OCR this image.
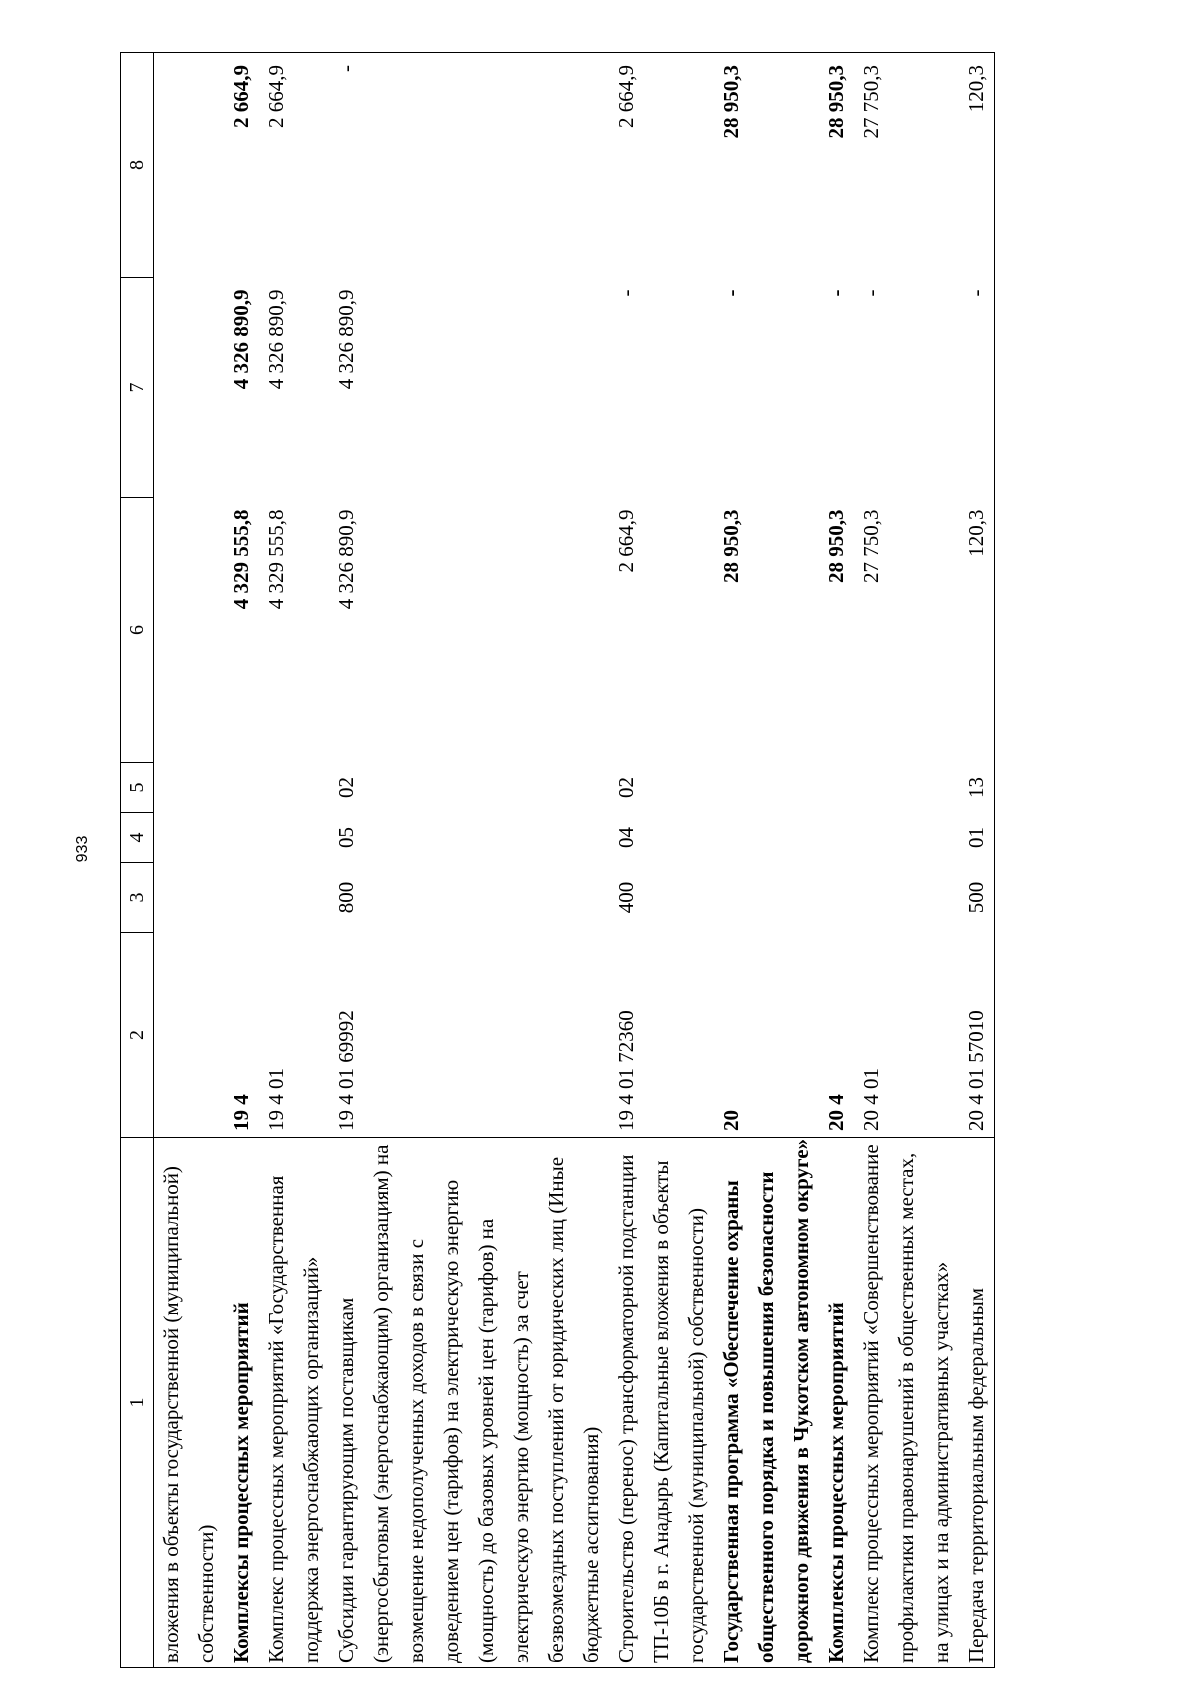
933
1	2	3	4	5	6	7	8

вложения в объекты государственной (муниципальной) собственности)							

Комплексы процессных мероприятий	19 4				4 329 555,8	4 326 890,9	2 664,9

Комплекс процессных мероприятий «Государственная поддержка энергоснабжающих организаций»	19 4 01				4 329 555,8	4 326 890,9	2 664,9

Субсидии гарантирующим поставщикам (энергосбытовым (энергоснабжающим) организациям) на возмещение недополученных доходов в связи с доведением цен (тарифов) на электрическую энергию (мощность) до базовых уровней цен (тарифов) на электрическую энергию (мощность) за счет безвозмездных поступлений от юридических лиц (Иные бюджетные ассигнования)	19 4 01 69992	800	05	02	4 326 890,9	4 326 890,9	-

Строительство (перенос) трансформаторной подстанции ТП-10Б в г. Анадырь (Капитальные вложения в объекты государственной (муниципальной) собственности)	19 4 01 72360	400	04	02	2 664,9	-	2 664,9

Государственная программа «Обеспечение охраны общественного порядка и повышения безопасности дорожного движения в Чукотском автономном округе»	20				28 950,3	-	28 950,3

Комплексы процессных мероприятий	20 4				28 950,3	-	28 950,3

Комплекс процессных мероприятий «Совершенствование профилактики правонарушений в общественных местах, на улицах и на административных участках»	20 4 01				27 750,3	-	27 750,3

Передача территориальным федеральным	20 4 01 57010	500	01	13	120,3	-	120,3
